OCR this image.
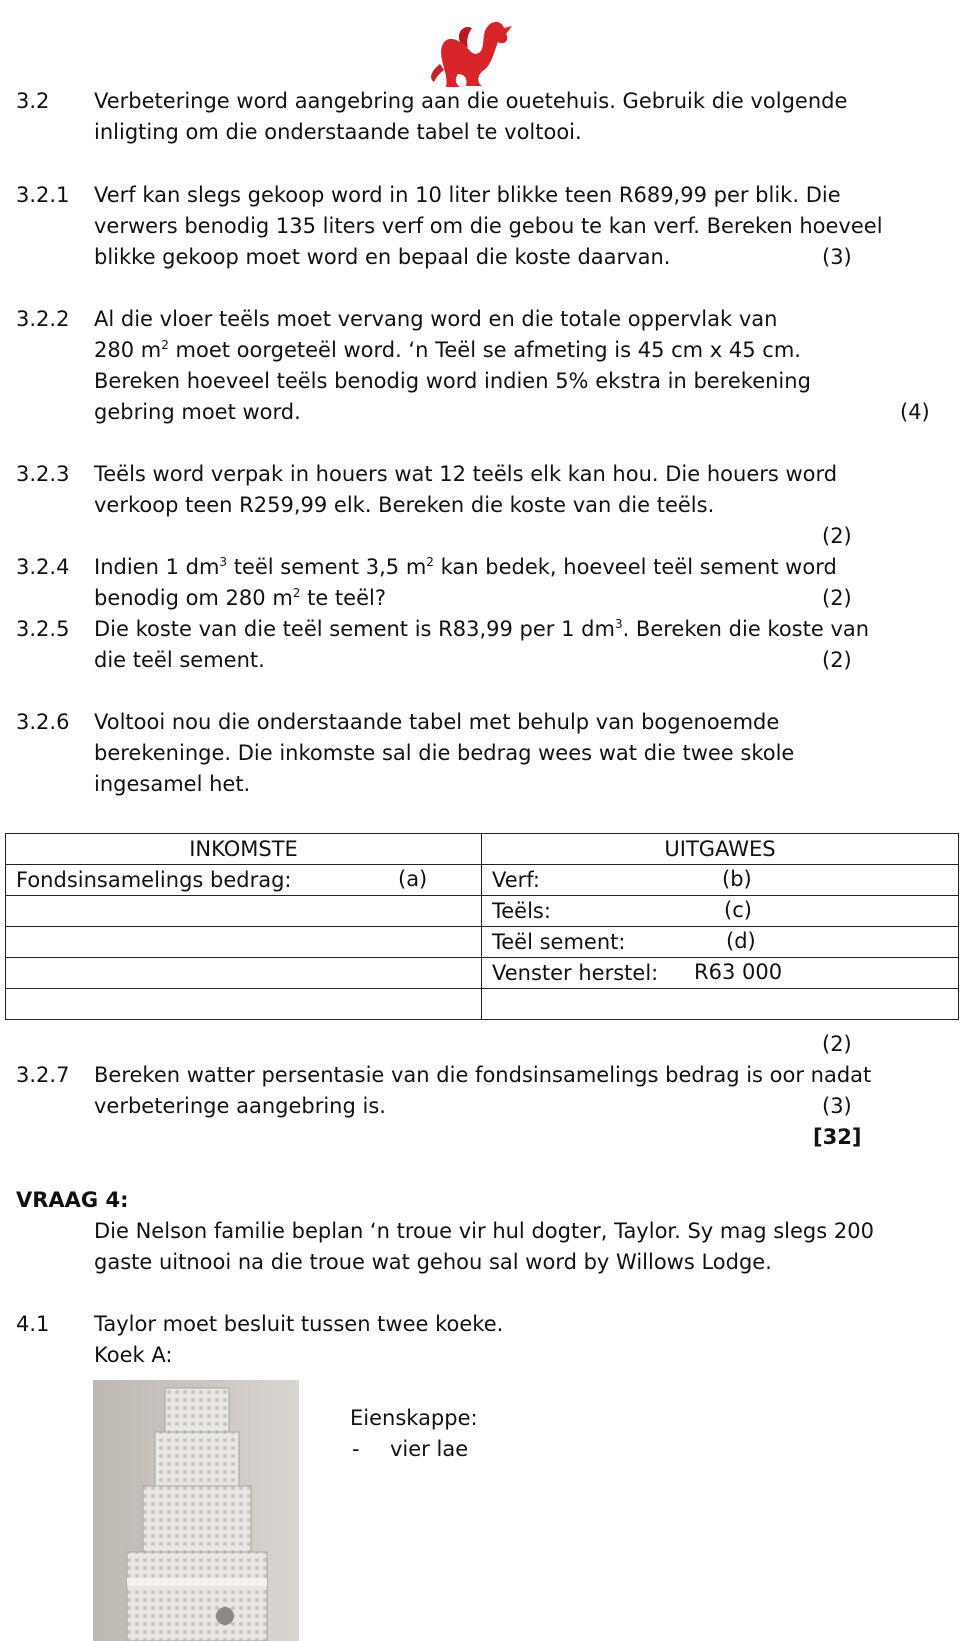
3.2 Verbeteringe word aangebring aan die ouetehuis. Gebruik die volgende
inligting om die onderstaande tabel te voltooi.
3.2.1 Verf kan slegs gekoop word in 10 liter blikke teen R689,99 per blik. Die
verwers benodig 135 liters verf om die gebou te kan verf. Bereken hoeveel
blikke gekoop moet word en bepaal die koste daarvan.	(3)
3.2.2 Al die vloer teëls moet vervang word en die totale oppervlak van
280 $m^2$ moet oorgeteël word. ‘n Teël se afmeting is 45 cm x 45 cm.
Bereken hoeveel teëls benodig word indien 5% ekstra in berekening
gebring moet word.	(4)
3.2.3 Teëls word verpak in houers wat 12 teëls elk kan hou. Die houers word
verkoop teen R259,99 elk. Bereken die koste van die teëls.
(2)
3.2.4 Indien 1 $dm^3$ teël sement 3,5 $m^2$ kan bedek, hoeveel teël sement word
benodig om 280 $m^2$ te teël?	(2)
3.2.5 Die koste van die teël sement is R83,99 per 1 $dm^3$. Bereken die koste van
die teël sement.	(2)
3.2.6 Voltooi nou die onderstaande tabel met behulp van bogenoemde
berekeninge. Die inkomste sal die bedrag wees wat die twee skole
ingesamel het.
INKOMSTE	UITGAWES
Fondsinsamelings bedrag: (a)	Verf: (b)

	Teëls: (c)

	Teël sement: (d)

	Venster herstel: R63 000

(2)
3.2.7 Bereken watter persentasie van die fondsinsamelings bedrag is oor nadat
verbeteringe aangebring is.	(3)
[32]
VRAAG 4:
Die Nelson familie beplan ‘n troue vir hul dogter, Taylor. Sy mag slegs 200
gaste uitnooi na die troue wat gehou sal word by Willows Lodge.
4.1 Taylor moet besluit tussen twee koeke.
Koek A:
Eienskappe:
- vier lae
